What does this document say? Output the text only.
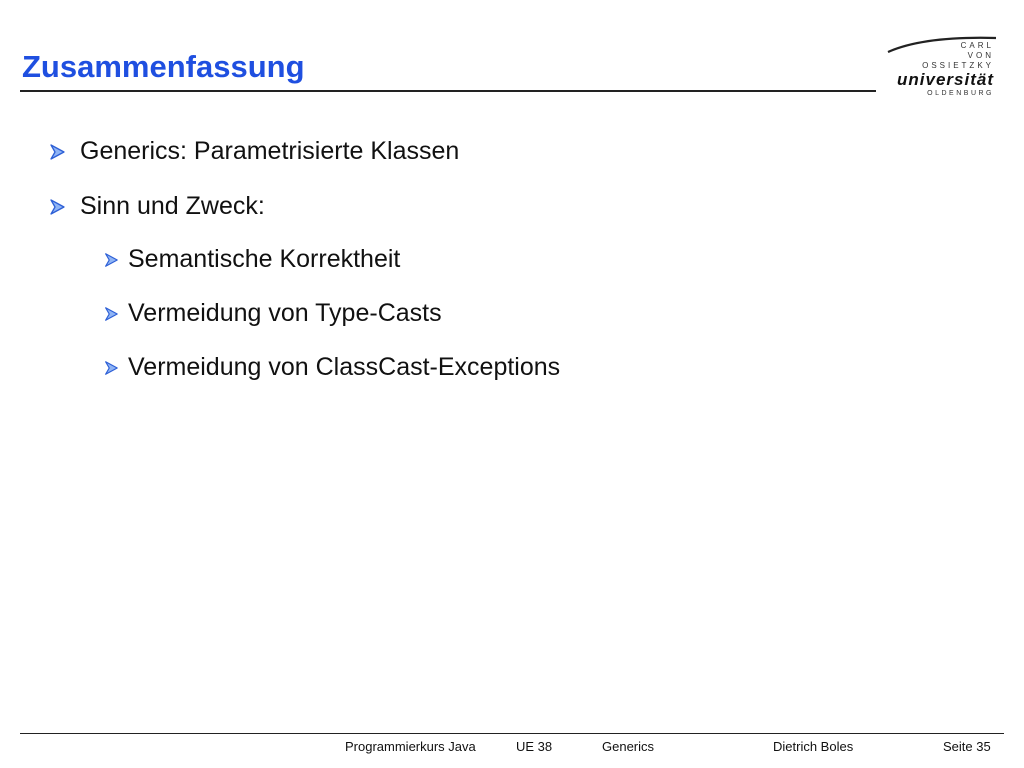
Zusammenfassung
CARL
VON
OSSIETZKY
universität
OLDENBURG
Generics: Parametrisierte Klassen
Sinn und Zweck:
Semantische Korrektheit
Vermeidung von Type-Casts
Vermeidung von ClassCast-Exceptions
Programmierkurs Java	UE 38	Generics	Dietrich Boles	Seite 35
